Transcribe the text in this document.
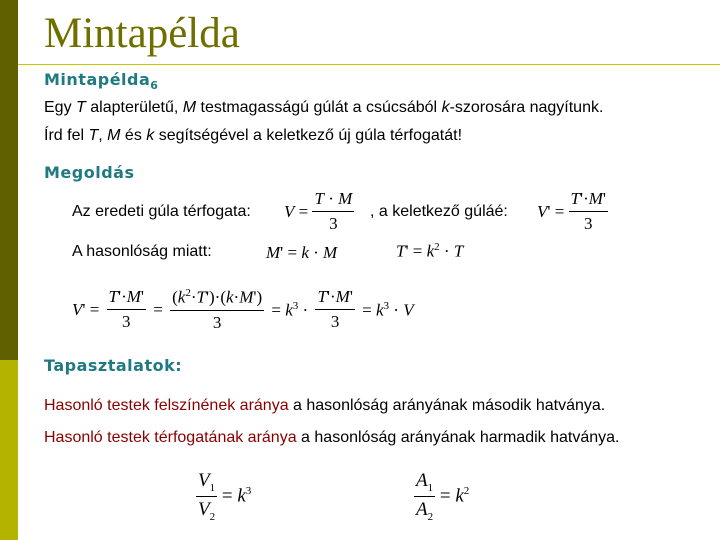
Mintapélda
Mintapélda$_6$
Egy T alapterületű, M testmagasságú gúlát a csúcsából k-szorosára nagyítunk.
Írd fel T, M és k segítségével a keletkező új gúla térfogatát!
Megoldás
Az eredeti gúla térfogata: $V = \frac{T \cdot M}{3}$ , a keletkező gúláé: $V' = \frac{T'\cdot M'}{3}$
A hasonlóság miatt:	M' = k · M	$T' = k^2 \cdot T$
$V' = \frac{T'\cdot M'}{3} = \frac{(k^2\cdot T')\cdot(k\cdot M')}{3} = k^3 \cdot \frac{T'\cdot M'}{3} = k^3 \cdot V$
Tapasztalatok:
Hasonló testek felszínének aránya a hasonlóság arányának második hatványa.
Hasonló testek térfogatának aránya a hasonlóság arányának harmadik hatványa.
$\frac{V_1}{V_2} = k^3$	$\frac{A_1}{A_2} = k^2$
